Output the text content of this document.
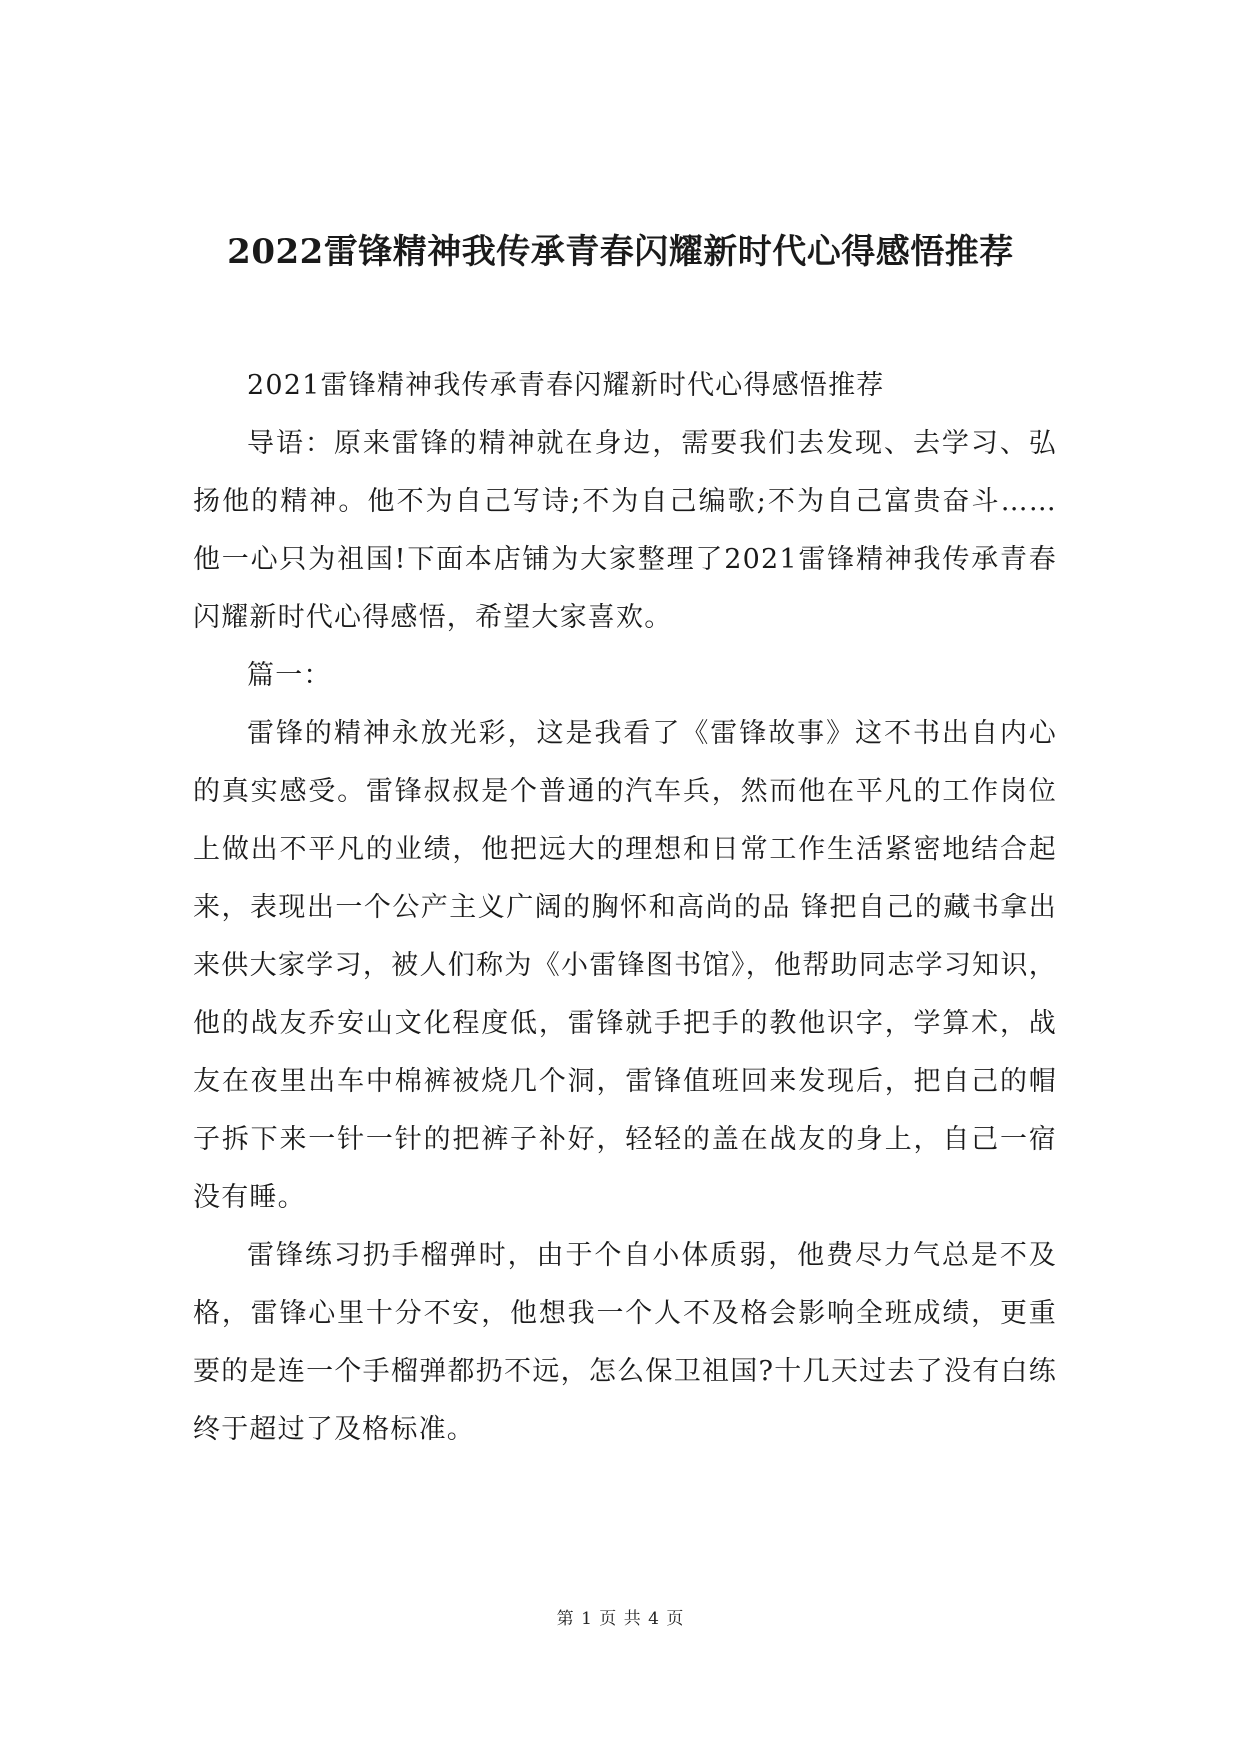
2022雷锋精神我传承青春闪耀新时代心得感悟推荐

2021雷锋精神我传承青春闪耀新时代心得感悟推荐

导语：原来雷锋的精神就在身边，需要我们去发现、去学习、弘扬他的精神。他不为自己写诗;不为自己编歌;不为自己富贵奋斗……他一心只为祖国!下面本店铺为大家整理了2021雷锋精神我传承青春闪耀新时代心得感悟，希望大家喜欢。

篇一：

雷锋的精神永放光彩，这是我看了《雷锋故事》这不书出自内心的真实感受。雷锋叔叔是个普通的汽车兵，然而他在平凡的工作岗位上做出不平凡的业绩，他把远大的理想和日常工作生活紧密地结合起来，表现出一个公产主义广阔的胸怀和高尚的品 锋把自己的藏书拿出来供大家学习，被人们称为《小雷锋图书馆》，他帮助同志学习知识，他的战友乔安山文化程度低，雷锋就手把手的教他识字，学算术，战友在夜里出车中棉裤被烧几个洞，雷锋值班回来发现后，把自己的帽子拆下来一针一针的把裤子补好，轻轻的盖在战友的身上，自己一宿没有睡。

雷锋练习扔手榴弹时，由于个自小体质弱，他费尽力气总是不及格，雷锋心里十分不安，他想我一个人不及格会影响全班成绩，更重要的是连一个手榴弹都扔不远，怎么保卫祖国?十几天过去了没有白练终于超过了及格标准。

第 1 页 共 4 页
